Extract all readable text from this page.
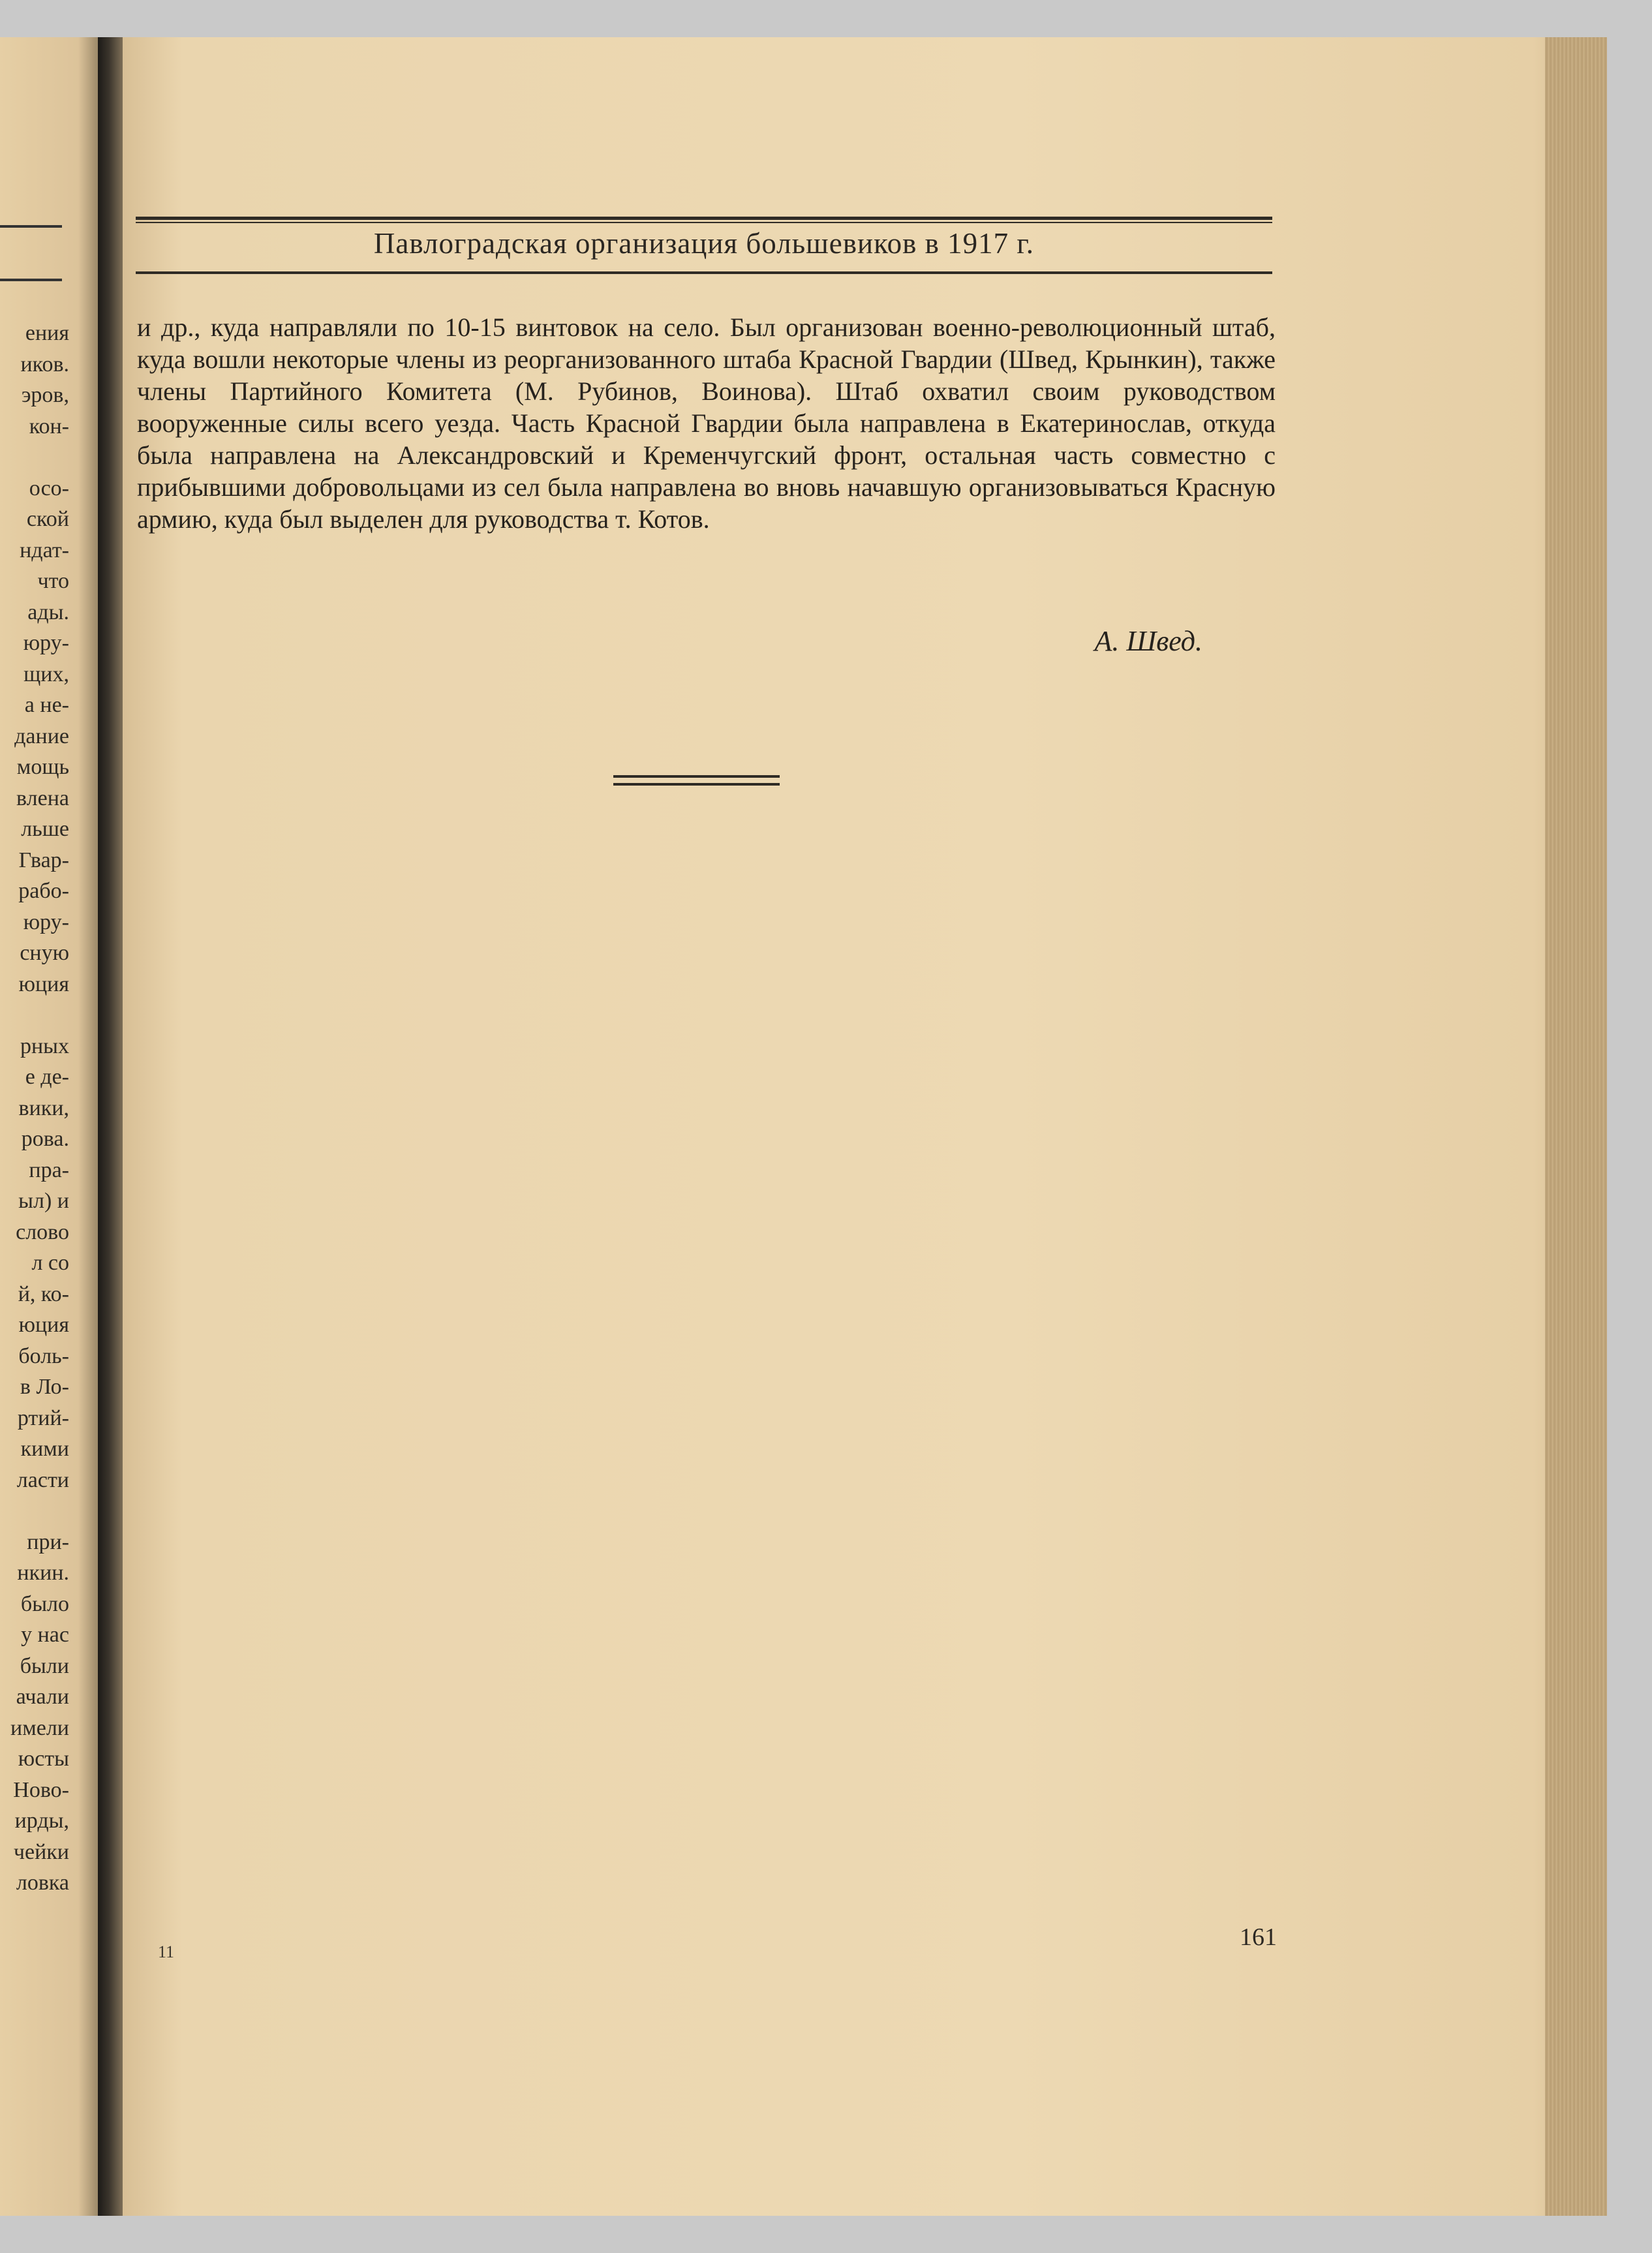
ения
иков.
эров,
кон-

осо-
ской
ндат-
что
ады.
юру-
щих,
а не-
дание
мощь
влена
льше
Гвар-
рабо-
юру-
сную
юция

рных
е де-
вики,
рова.
пра-
ыл) и
слово
л со
й, ко-
юция
боль-
в Ло-
ртий-
кими
ласти

при-
нкин.
было
у нас
были
ачали
имели
юсты
Ново-
ирды,
чейки
ловка
Павлоградская организация большевиков в 1917 г.

и др., куда направляли по 10-15 винтовок на село. Был организован военно-революционный штаб, куда вошли некоторые члены из реорганизованного штаба Красной Гвардии (Швед, Крынкин), также члены Партийного Комитета (М. Рубинов, Воинова). Штаб охватил своим руководством вооруженные силы всего уезда. Часть Красной Гвардии была направлена в Екатеринослав, откуда была направлена на Александровский и Кременчугский фронт, остальная часть совместно с прибывшими добровольцами из сел была направлена во вновь начавшую организовываться Красную армию, куда был выделен для руководства т. Котов.

А. Швед.
11
161
